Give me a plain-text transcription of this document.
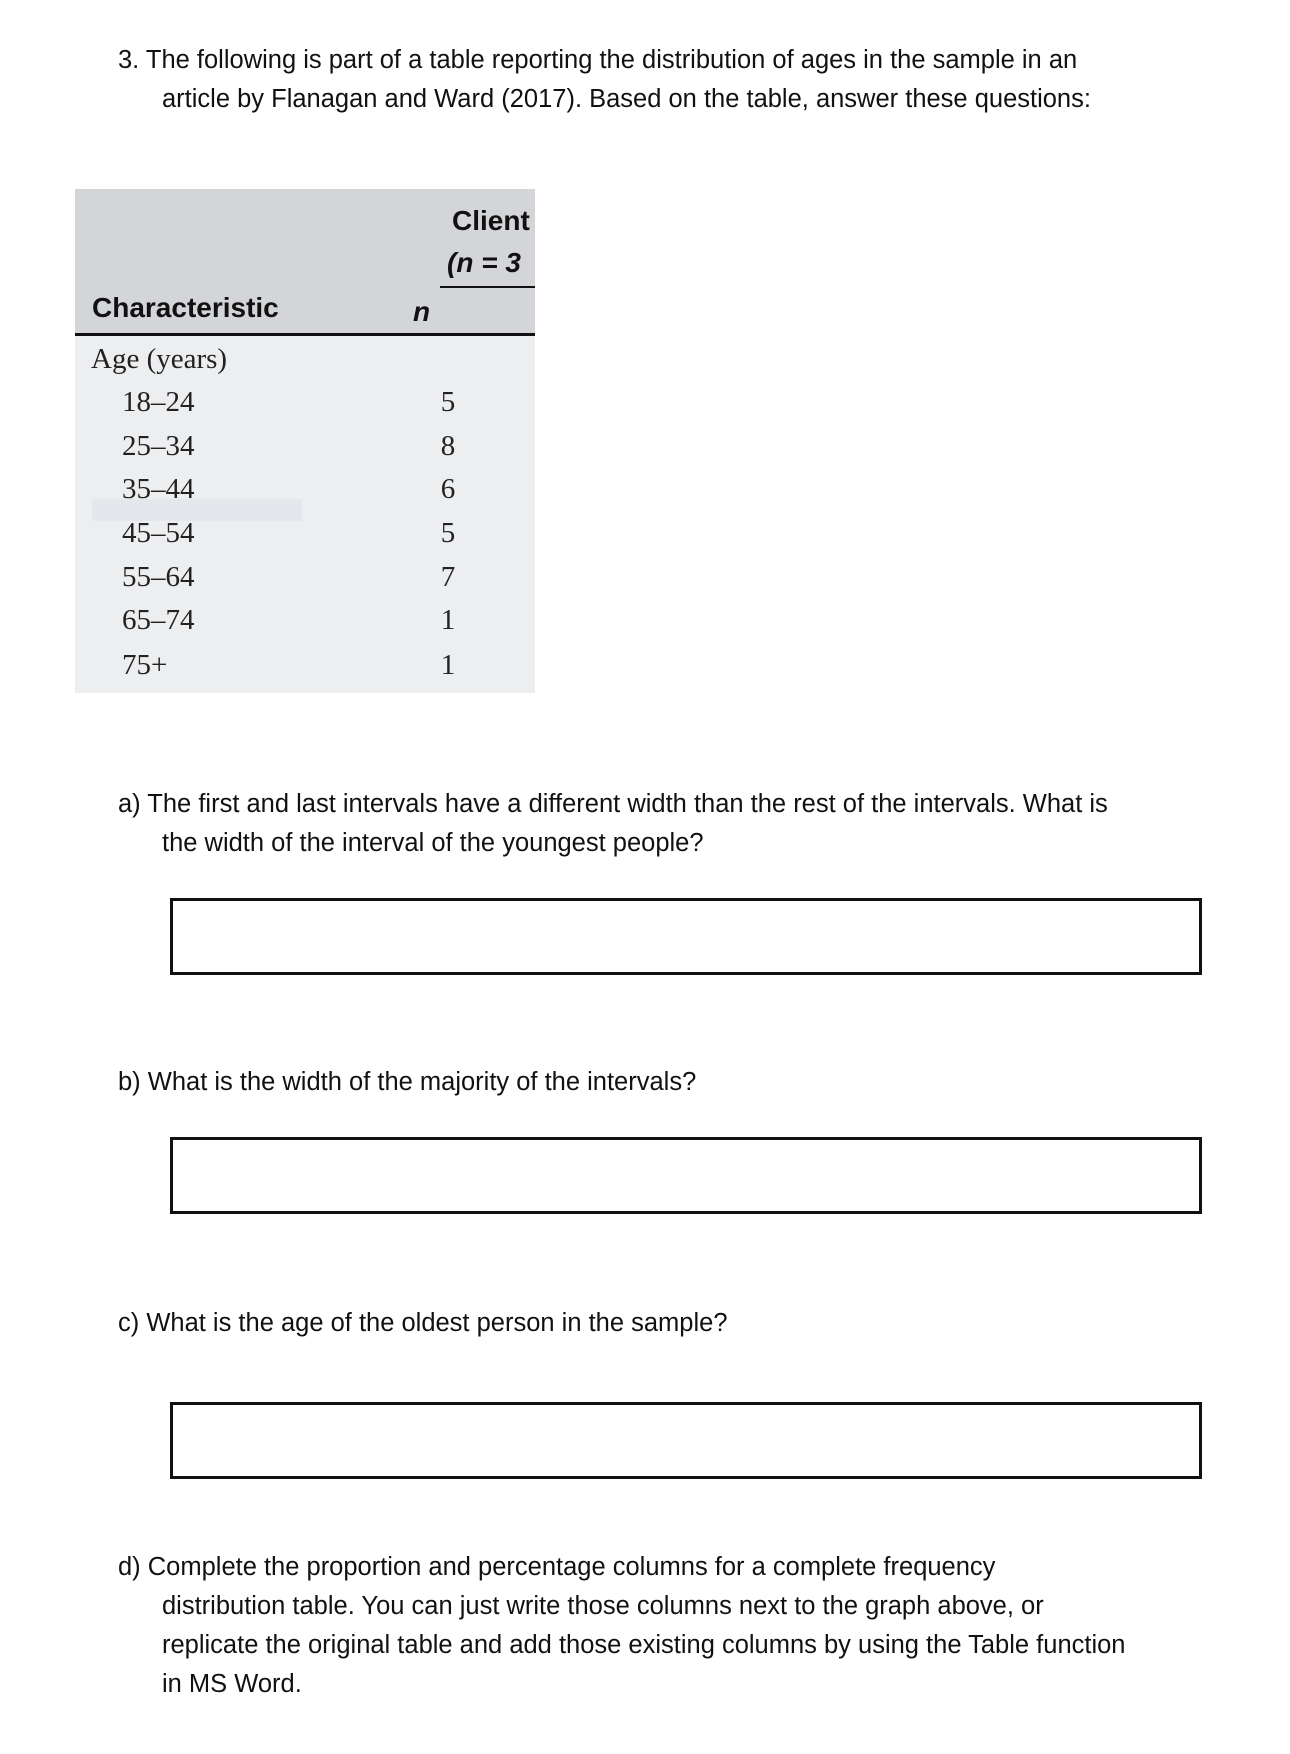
3. The following is part of a table reporting the distribution of ages in the sample in an
article by Flanagan and Ward (2017). Based on the table, answer these questions:

Client
(n = 3
Characteristic	n
Age (years)
18–24	5
25–34	8
35–44	6
45–54	5
55–64	7
65–74	1
75+	1

a) The first and last intervals have a different width than the rest of the intervals. What is
the width of the interval of the youngest people?

b) What is the width of the majority of the intervals?

c) What is the age of the oldest person in the sample?

d) Complete the proportion and percentage columns for a complete frequency
distribution table. You can just write those columns next to the graph above, or
replicate the original table and add those existing columns by using the Table function
in MS Word.
